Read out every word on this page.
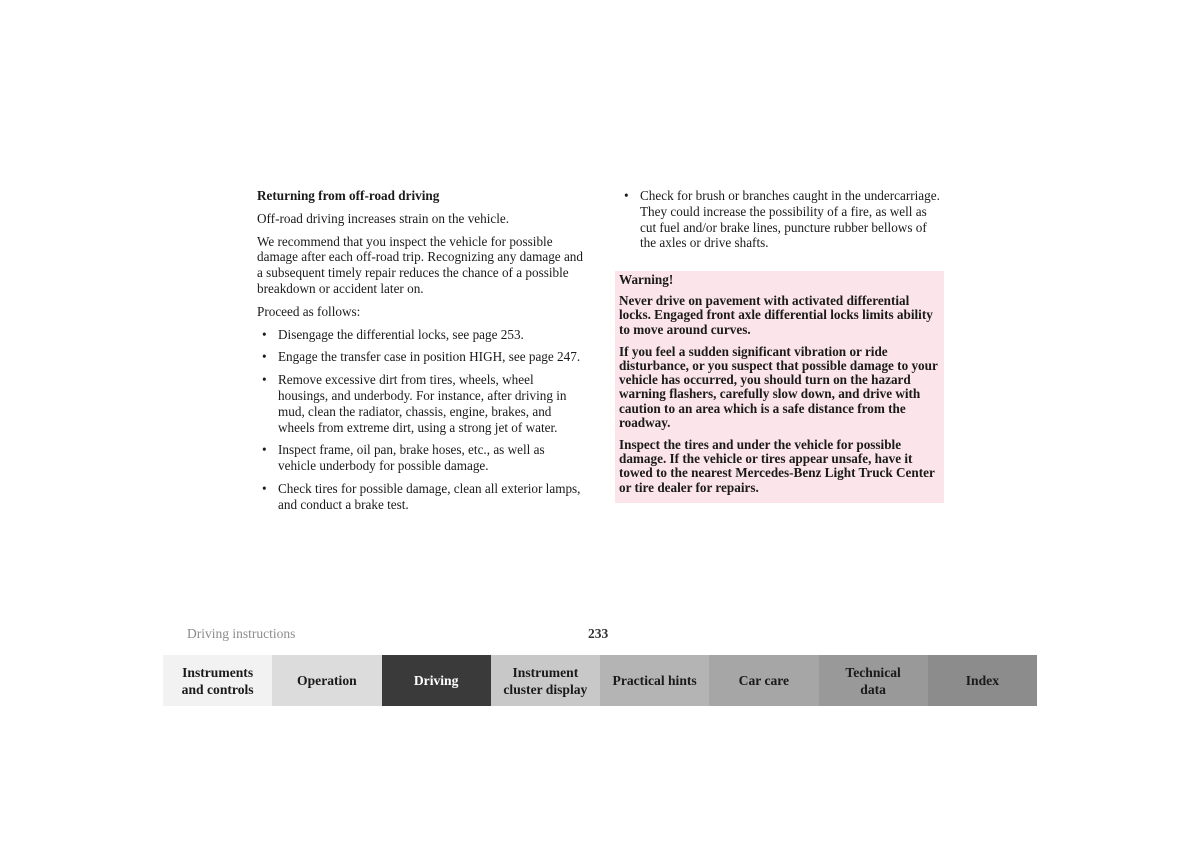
Returning from off-road driving

Off-road driving increases strain on the vehicle.

We recommend that you inspect the vehicle for possible damage after each off-road trip. Recognizing any damage and a subsequent timely repair reduces the chance of a possible breakdown or accident later on.

Proceed as follows:

• Disengage the differential locks, see page 253.
• Engage the transfer case in position HIGH, see page 247.
• Remove excessive dirt from tires, wheels, wheel housings, and underbody. For instance, after driving in mud, clean the radiator, chassis, engine, brakes, and wheels from extreme dirt, using a strong jet of water.
• Inspect frame, oil pan, brake hoses, etc., as well as vehicle underbody for possible damage.
• Check tires for possible damage, clean all exterior lamps, and conduct a brake test.
• Check for brush or branches caught in the undercarriage. They could increase the possibility of a fire, as well as cut fuel and/or brake lines, puncture rubber bellows of the axles or drive shafts.

Warning!

Never drive on pavement with activated differential locks. Engaged front axle differential locks limits ability to move around curves.

If you feel a sudden significant vibration or ride disturbance, or you suspect that possible damage to your vehicle has occurred, you should turn on the hazard warning flashers, carefully slow down, and drive with caution to an area which is a safe distance from the roadway.

Inspect the tires and under the vehicle for possible damage. If the vehicle or tires appear unsafe, have it towed to the nearest Mercedes-Benz Light Truck Center or tire dealer for repairs.

Driving instructions	233
Instruments
and controls
Operation	Driving
Instrument
cluster display
Practical hints	Car care
Technical
data
Index
